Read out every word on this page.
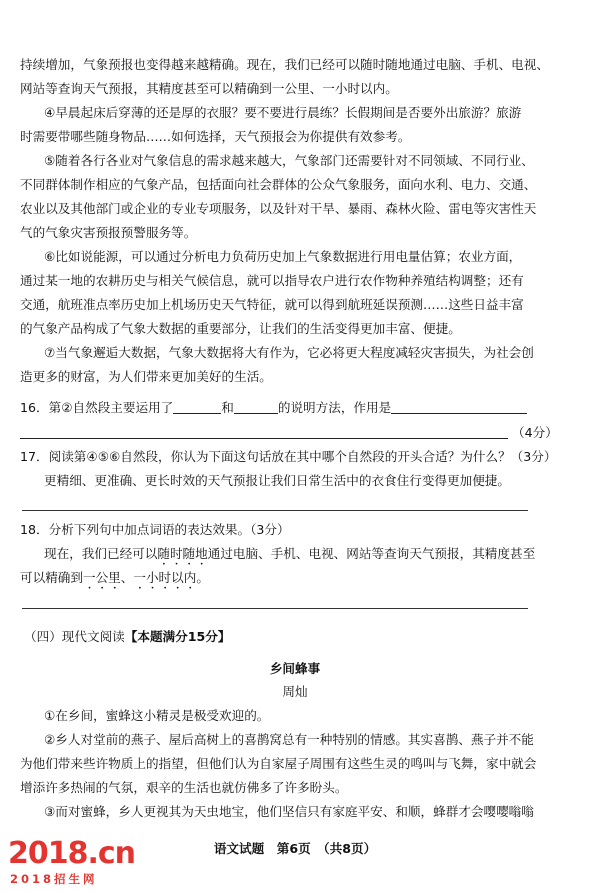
持续增加，气象预报也变得越来越精确。现在，我们已经可以随时随地通过电脑、手机、电视、
网站等查询天气预报，其精度甚至可以精确到一公里、一小时以内。
④早晨起床后穿薄的还是厚的衣服？要不要进行晨练？长假期间是否要外出旅游？旅游
时需要带哪些随身物品……如何选择，天气预报会为你提供有效参考。
⑤随着各行各业对气象信息的需求越来越大，气象部门还需要针对不同领域、不同行业、
不同群体制作相应的气象产品，包括面向社会群体的公众气象服务，面向水利、电力、交通、
农业以及其他部门或企业的专业专项服务，以及针对干旱、暴雨、森林火险、雷电等灾害性天
气的气象灾害预报预警服务等。
⑥比如说能源，可以通过分析电力负荷历史加上气象数据进行用电量估算；农业方面，
通过某一地的农耕历史与相关气候信息，就可以指导农户进行农作物种养殖结构调整；还有
交通，航班准点率历史加上机场历史天气特征，就可以得到航班延误预测……这些日益丰富
的气象产品构成了气象大数据的重要部分，让我们的生活变得更加丰富、便捷。
⑦当气象邂逅大数据，气象大数据将大有作为，它必将更大程度减轻灾害损失，为社会创
造更多的财富，为人们带来更加美好的生活。
16．第②自然段主要运用了	和	的说明方法，作用是
（4分）
17．阅读第④⑤⑥自然段，你认为下面这句话放在其中哪个自然段的开头合适？为什么？（3分）
更精细、更准确、更长时效的天气预报让我们日常生活中的衣食住行变得更加便捷。
18．分析下列句中加点词语的表达效果。（3分）
现在，我们已经可以随时随地通过电脑、手机、电视、网站等查询天气预报，其精度甚至
可以精确到一公里、一小时以内。
（四）现代文阅读【本题满分15分】
乡间蜂事
周灿
①在乡间，蜜蜂这小精灵是极受欢迎的。
②乡人对堂前的燕子、屋后高树上的喜鹊窝总有一种特别的情感。其实喜鹊、燕子并不能
为他们带来些许物质上的指望，但他们认为自家屋子周围有这些生灵的鸣叫与飞舞，家中就会
增添许多热闹的气氛，艰辛的生活也就仿佛多了许多盼头。
③而对蜜蜂，乡人更视其为天虫地宝，他们坚信只有家庭平安、和顺，蜂群才会嘤嘤嗡嗡
语文试题　第6页　（共8页）
2018.cn
2018招生网
